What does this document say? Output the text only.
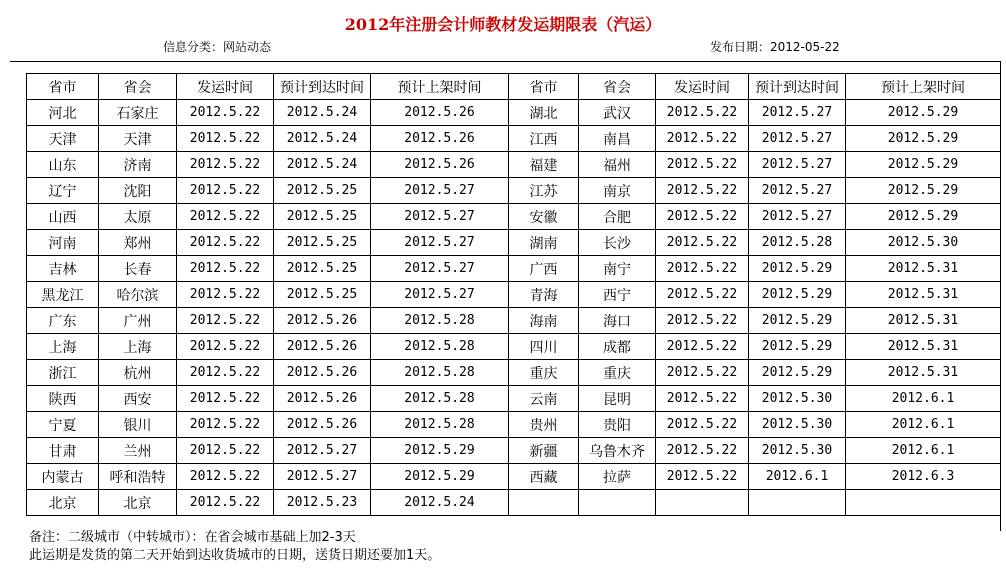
2012年注册会计师教材发运期限表（汽运）
信息分类：网站动态	发布日期：2012-05-22
省市	省会	发运时间	预计到达时间	预计上架时间	省市	省会	发运时间	预计到达时间	预计上架时间
河北	石家庄	2012.5.22	2012.5.24	2012.5.26	湖北	武汉	2012.5.22	2012.5.27	2012.5.29
天津	天津	2012.5.22	2012.5.24	2012.5.26	江西	南昌	2012.5.22	2012.5.27	2012.5.29
山东	济南	2012.5.22	2012.5.24	2012.5.26	福建	福州	2012.5.22	2012.5.27	2012.5.29
辽宁	沈阳	2012.5.22	2012.5.25	2012.5.27	江苏	南京	2012.5.22	2012.5.27	2012.5.29
山西	太原	2012.5.22	2012.5.25	2012.5.27	安徽	合肥	2012.5.22	2012.5.27	2012.5.29
河南	郑州	2012.5.22	2012.5.25	2012.5.27	湖南	长沙	2012.5.22	2012.5.28	2012.5.30
吉林	长春	2012.5.22	2012.5.25	2012.5.27	广西	南宁	2012.5.22	2012.5.29	2012.5.31
黑龙江	哈尔滨	2012.5.22	2012.5.25	2012.5.27	青海	西宁	2012.5.22	2012.5.29	2012.5.31
广东	广州	2012.5.22	2012.5.26	2012.5.28	海南	海口	2012.5.22	2012.5.29	2012.5.31
上海	上海	2012.5.22	2012.5.26	2012.5.28	四川	成都	2012.5.22	2012.5.29	2012.5.31
浙江	杭州	2012.5.22	2012.5.26	2012.5.28	重庆	重庆	2012.5.22	2012.5.29	2012.5.31
陕西	西安	2012.5.22	2012.5.26	2012.5.28	云南	昆明	2012.5.22	2012.5.30	2012.6.1
宁夏	银川	2012.5.22	2012.5.26	2012.5.28	贵州	贵阳	2012.5.22	2012.5.30	2012.6.1
甘肃	兰州	2012.5.22	2012.5.27	2012.5.29	新疆	乌鲁木齐	2012.5.22	2012.5.30	2012.6.1
内蒙古	呼和浩特	2012.5.22	2012.5.27	2012.5.29	西藏	拉萨	2012.5.22	2012.6.1	2012.6.3
北京	北京	2012.5.22	2012.5.23	2012.5.24					
备注：二级城市（中转城市）：在省会城市基础上加2-3天
此运期是发货的第二天开始到达收货城市的日期，送货日期还要加1天。
